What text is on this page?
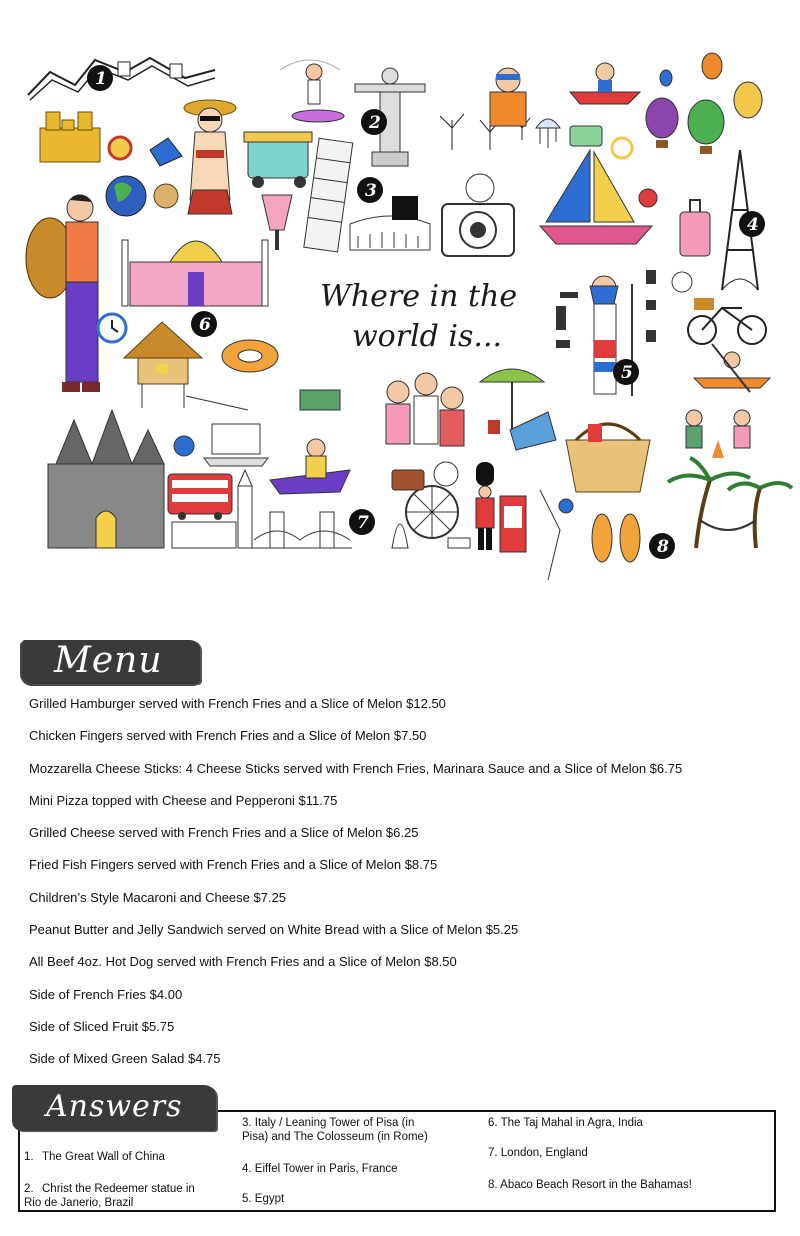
Where in the
world is...
1
2
3
4
5
6
7
8
Menu
Grilled Hamburger served with French Fries and a Slice of Melon $12.50
Chicken Fingers served with French Fries and a Slice of Melon $7.50
Mozzarella Cheese Sticks: 4 Cheese Sticks served with French Fries, Marinara Sauce and a Slice of Melon $6.75
Mini Pizza topped with Cheese and Pepperoni $11.75
Grilled Cheese served with French Fries and a Slice of Melon $6.25
Fried Fish Fingers served with French Fries and a Slice of Melon $8.75
Children’s Style Macaroni and Cheese $7.25
Peanut Butter and Jelly Sandwich served on White Bread with a Slice of Melon $5.25
All Beef 4oz. Hot Dog served with French Fries and a Slice of Melon $8.50
Side of French Fries $4.00
Side of Sliced Fruit $5.75
Side of Mixed Green Salad $4.75
Answers
1. The Great Wall of China
2. Christ the Redeemer statue in
Rio de Janerio, Brazil
3. Italy / Leaning Tower of Pisa (in
Pisa) and The Colosseum (in Rome)
4. Eiffel Tower in Paris, France
5. Egypt
6. The Taj Mahal in Agra, India
7. London, England
8. Abaco Beach Resort in the Bahamas!
